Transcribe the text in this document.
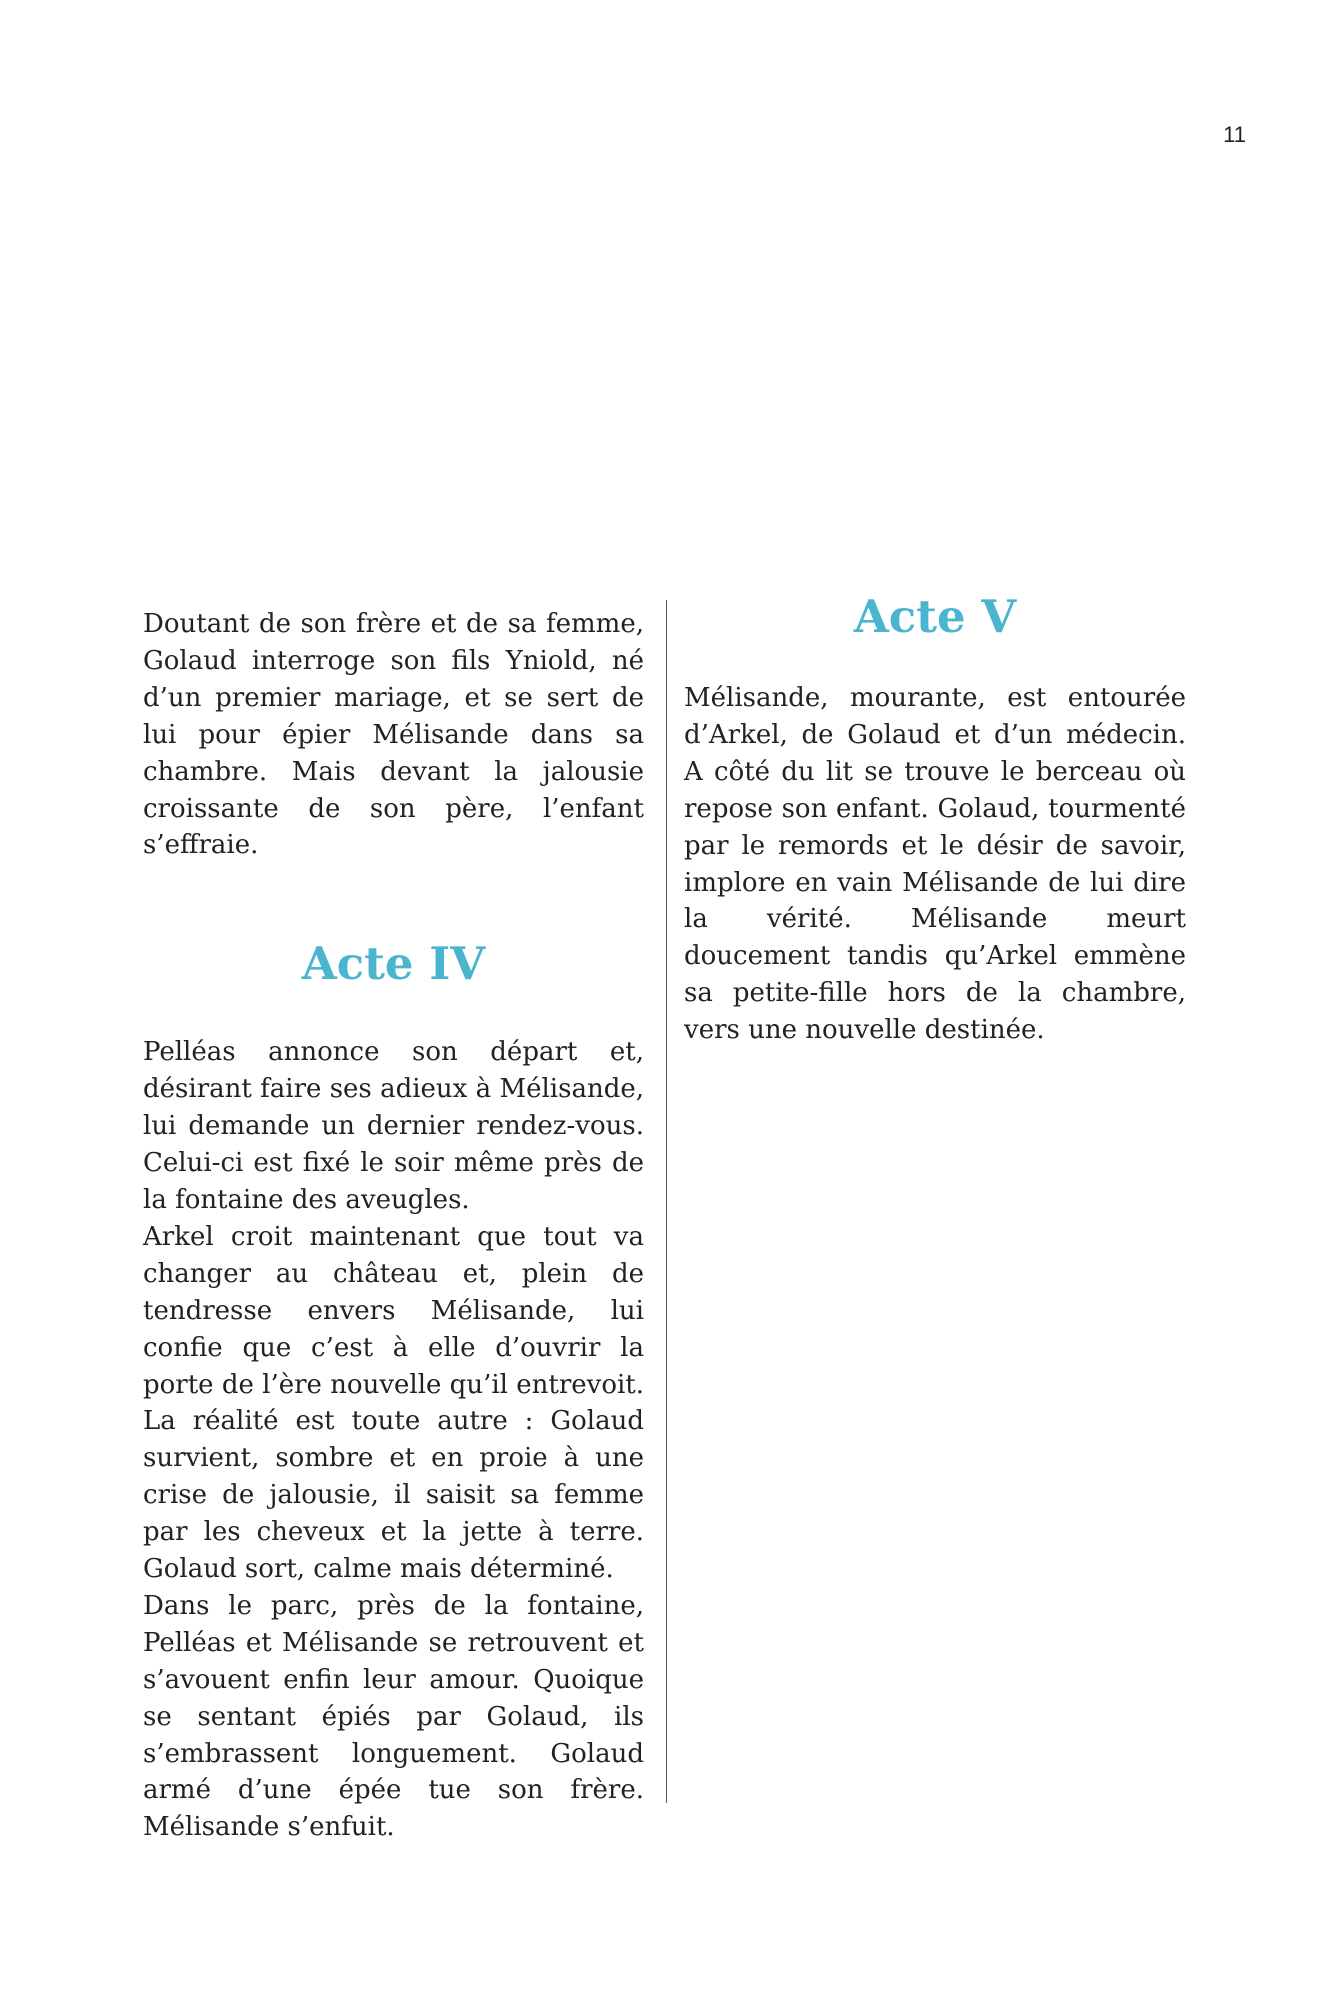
11

Doutant de son frère et de sa femme, Golaud interroge son fils Yniold, né d’un premier mariage, et se sert de lui pour épier Mélisande dans sa chambre. Mais devant la jalousie croissante de son père, l’enfant s’effraie.

Acte IV

Pelléas annonce son départ et, désirant faire ses adieux à Mélisande, lui demande un dernier rendez-vous. Celui-ci est fixé le soir même près de la fontaine des aveugles.

Arkel croit maintenant que tout va changer au château et, plein de tendresse envers Mélisande, lui confie que c’est à elle d’ouvrir la porte de l’ère nouvelle qu’il entrevoit. La réalité est toute autre : Golaud survient, sombre et en proie à une crise de jalousie, il saisit sa femme par les cheveux et la jette à terre. Golaud sort, calme mais déterminé.

Dans le parc, près de la fontaine, Pelléas et Mélisande se retrouvent et s’avouent enfin leur amour. Quoique se sentant épiés par Golaud, ils s’embrassent longuement. Golaud armé d’une épée tue son frère. Mélisande s’enfuit.

Acte V

Mélisande, mourante, est entourée d’Arkel, de Golaud et d’un médecin. A côté du lit se trouve le berceau où repose son enfant. Golaud, tourmenté par le remords et le désir de savoir, implore en vain Mélisande de lui dire la vérité. Mélisande meurt doucement tandis qu’Arkel emmène sa petite-fille hors de la chambre, vers une nouvelle destinée.
